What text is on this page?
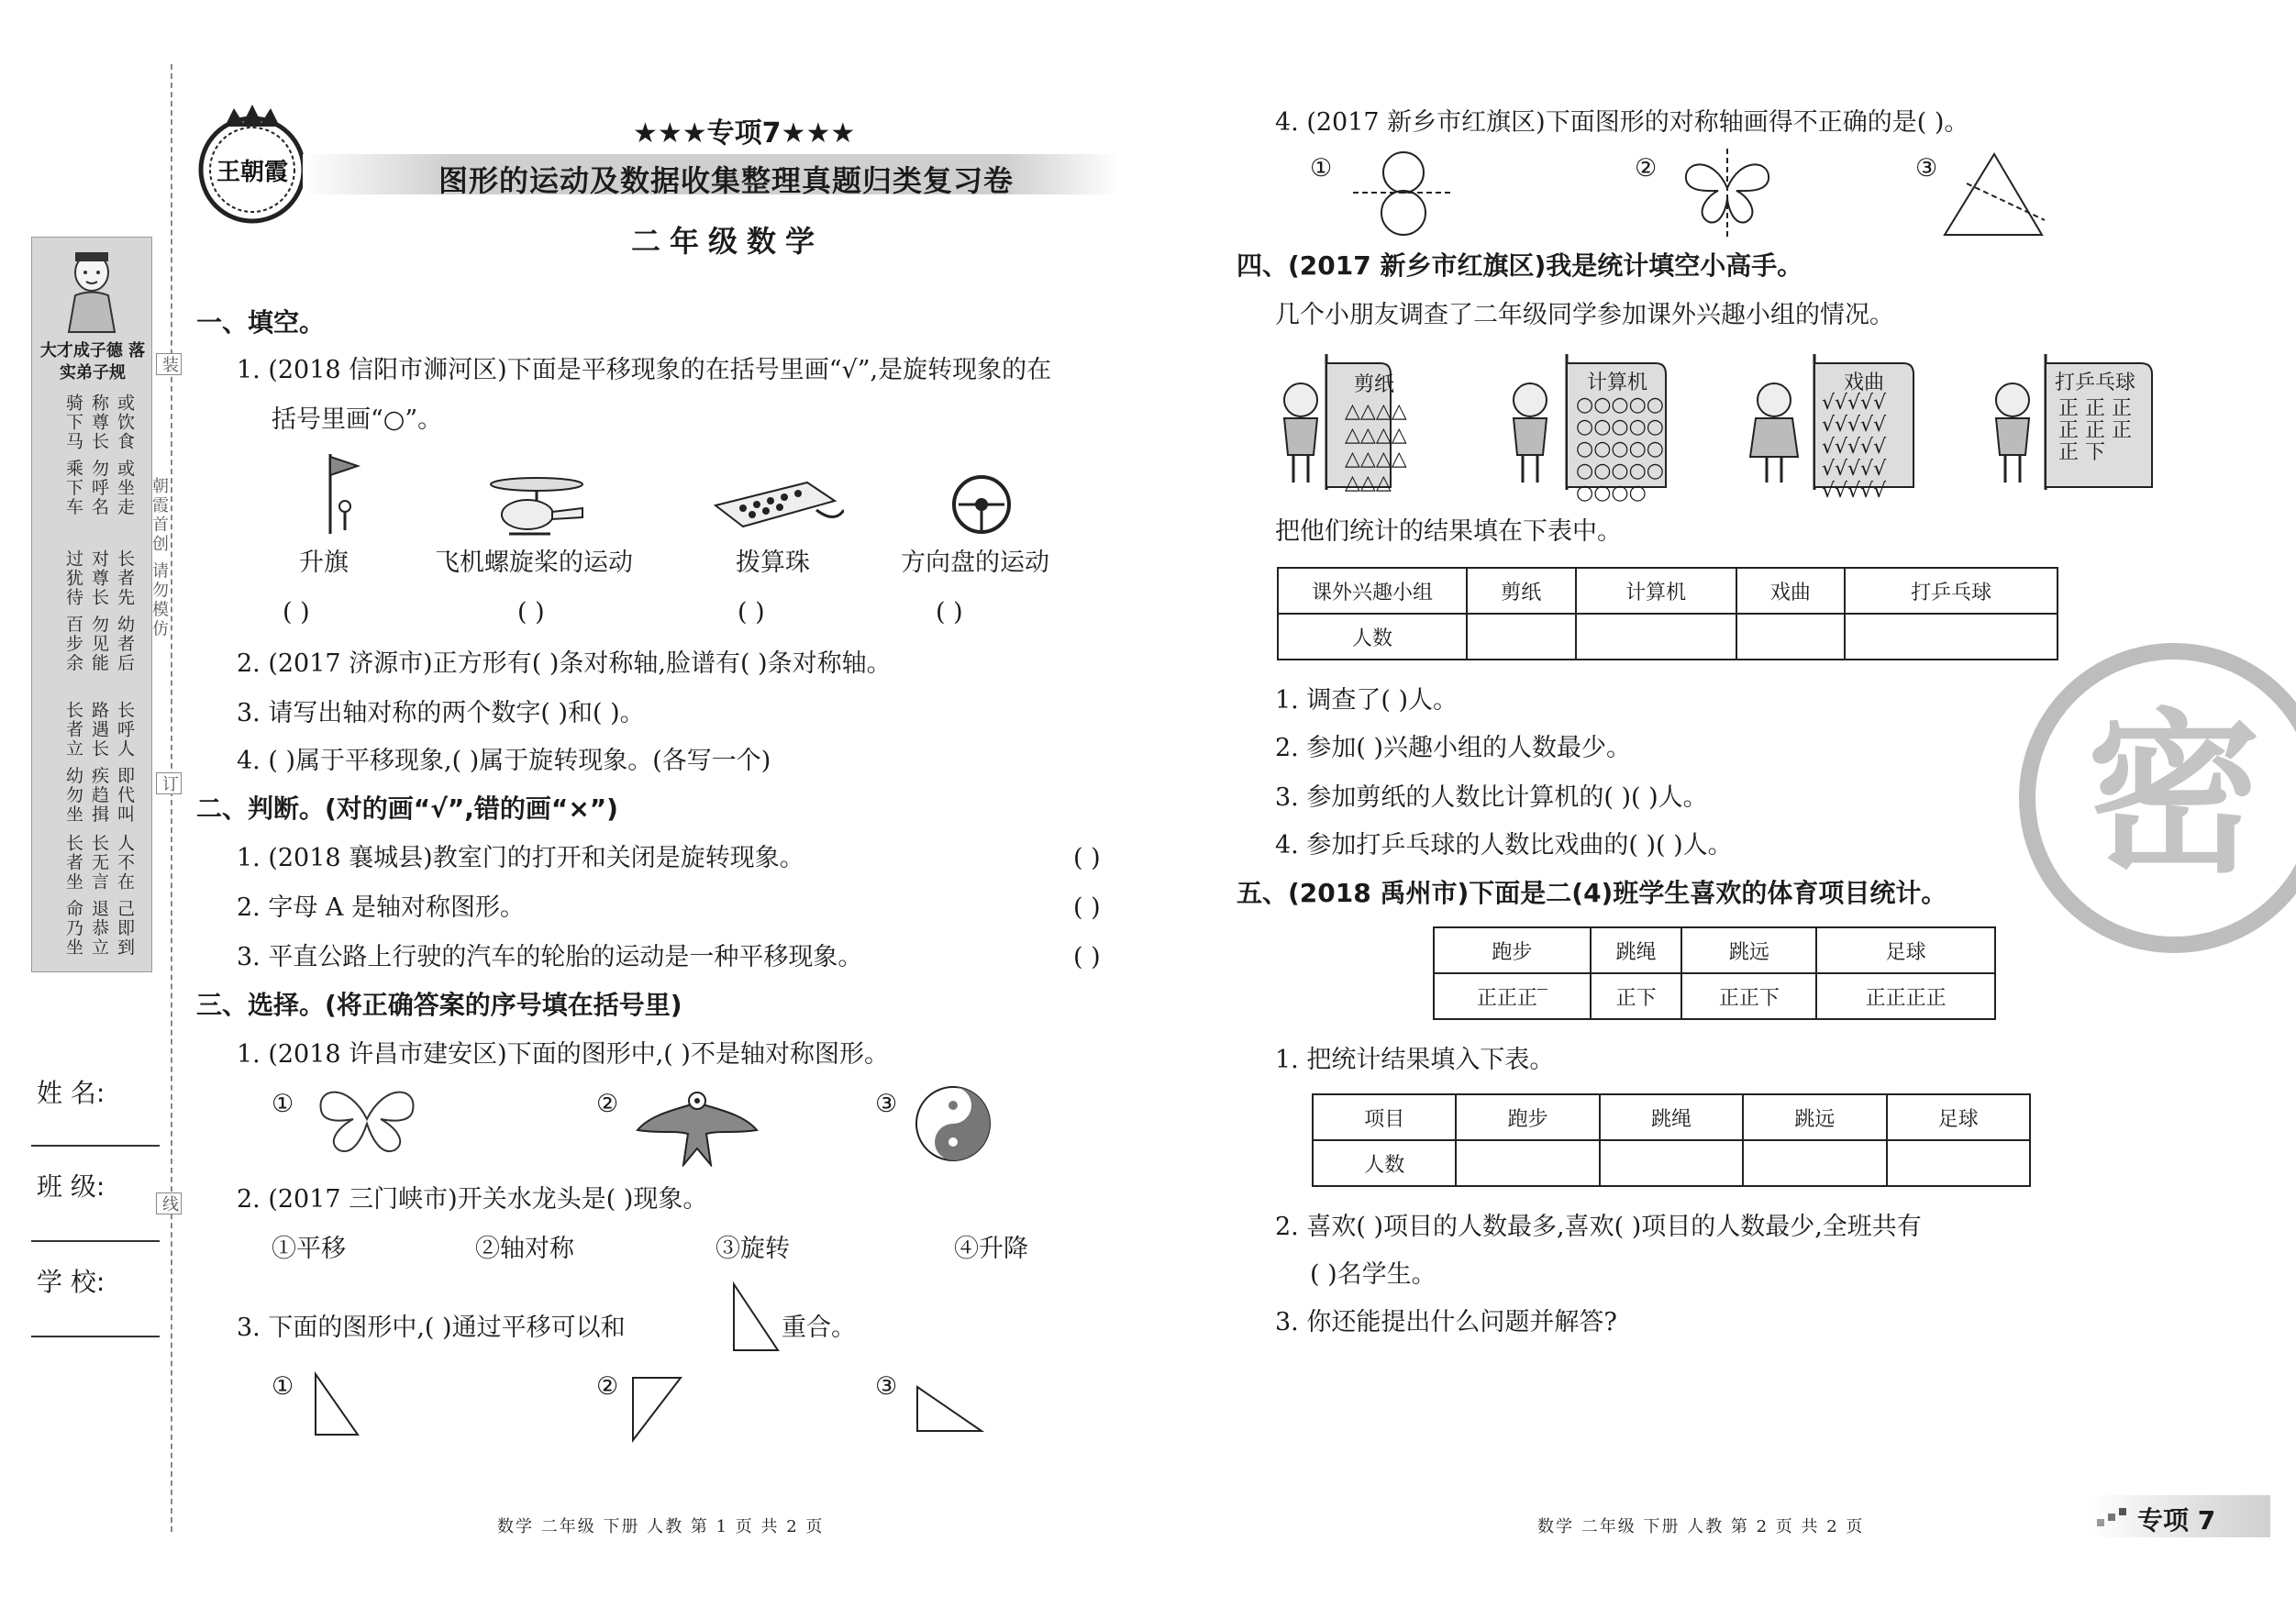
大才成子德 落实弟子规
或饮食 或坐走
称尊长 勿呼名
骑下马 乘下车
长者先 幼者后
对尊长 勿见能
过犹待 百步余
长呼人 即代叫
路遇长 疾趋揖
长者立 幼勿坐
人不在 己即到
长无言 退恭立
长者坐 命乃坐
装
订
线
朝霞首创 请勿模仿
姓 名:
班 级:
学 校:
王朝霞
★★★专项7★★★
图形的运动及数据收集整理真题归类复习卷
二年级数学
一、填空。
1. (2018 信阳市浉河区)下面是平移现象的在括号里画“√”,是旋转现象的在
括号里画“○”。
升旗	飞机螺旋桨的运动	拨算珠	方向盘的运动
( )	( )	( )	( )
2. (2017 济源市)正方形有( )条对称轴,脸谱有( )条对称轴。
3. 请写出轴对称的两个数字( )和( )。
4. ( )属于平移现象,( )属于旋转现象。(各写一个)
二、判断。(对的画“√”,错的画“×”)
1. (2018 襄城县)教室门的打开和关闭是旋转现象。	( )
2. 字母 A 是轴对称图形。	( )
3. 平直公路上行驶的汽车的轮胎的运动是一种平移现象。	( )
三、选择。(将正确答案的序号填在括号里)
1. (2018 许昌市建安区)下面的图形中,( )不是轴对称图形。
①	②	③
2. (2017 三门峡市)开关水龙头是( )现象。
①平移	②轴对称	③旋转	④升降
3. 下面的图形中,( )通过平移可以和	重合。
①	②	③
数学 二年级 下册 人教 第 1 页 共 2 页
4. (2017 新乡市红旗区)下面图形的对称轴画得不正确的是( )。
①	②	③
四、(2017 新乡市红旗区)我是统计填空小高手。
几个小朋友调查了二年级同学参加课外兴趣小组的情况。
剪纸
△△△△
△△△△
△△△△
△△△
计算机
○○○○○
○○○○○
○○○○○
○○○○○
○○○○
戏曲
√√√√√
√√√√√
√√√√√
√√√√√
√√√√√
打乒乓球
正 正 正
正 正 正
正 下
把他们统计的结果填在下表中。
课外兴趣小组	剪纸	计算机	戏曲	打乒乓球
人数				
1. 调查了( )人。
2. 参加( )兴趣小组的人数最少。
3. 参加剪纸的人数比计算机的( )( )人。
4. 参加打乒乓球的人数比戏曲的( )( )人。
五、(2018 禹州市)下面是二(4)班学生喜欢的体育项目统计。
跑步	跳绳	跳远	足球
正正正‾	正下	正正下	正正正正
1. 把统计结果填入下表。
项目	跑步	跳绳	跳远	足球
人数				
2. 喜欢( )项目的人数最多,喜欢( )项目的人数最少,全班共有
( )名学生。
3. 你还能提出什么问题并解答?
密
数学 二年级 下册 人教 第 2 页 共 2 页	专项 7
